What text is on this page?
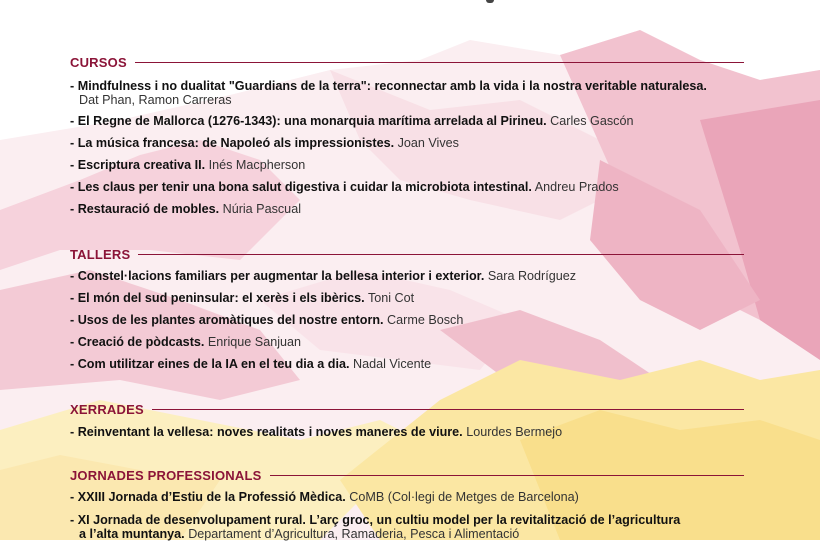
CURSOS
- Mindfulness i no dualitat "Guardians de la terra": reconnectar amb la vida i la nostra veritable naturalesa.
Dat Phan, Ramon Carreras
- El Regne de Mallorca (1276-1343): una monarquia marítima arrelada al Pirineu. Carles Gascón
- La música francesa: de Napoleó als impressionistes. Joan Vives
- Escriptura creativa II. Inés Macpherson
- Les claus per tenir una bona salut digestiva i cuidar la microbiota intestinal. Andreu Prados
- Restauració de mobles. Núria Pascual
TALLERS
- Constel·lacions familiars per augmentar la bellesa interior i exterior. Sara Rodríguez
- El món del sud peninsular: el xerès i els ibèrics. Toni Cot
- Usos de les plantes aromàtiques del nostre entorn. Carme Bosch
- Creació de pòdcasts. Enrique Sanjuan
- Com utilitzar eines de la IA en el teu dia a dia. Nadal Vicente
XERRADES
- Reinventant la vellesa: noves realitats i noves maneres de viure. Lourdes Bermejo
JORNADES PROFESSIONALS
- XXIII Jornada d’Estiu de la Professió Mèdica. CoMB (Col·legi de Metges de Barcelona)
- XI Jornada de desenvolupament rural. L’arç groc, un cultiu model per la revitalització de l’agricultura
a l’alta muntanya. Departament d’Agricultura, Ramaderia, Pesca i Alimentació
